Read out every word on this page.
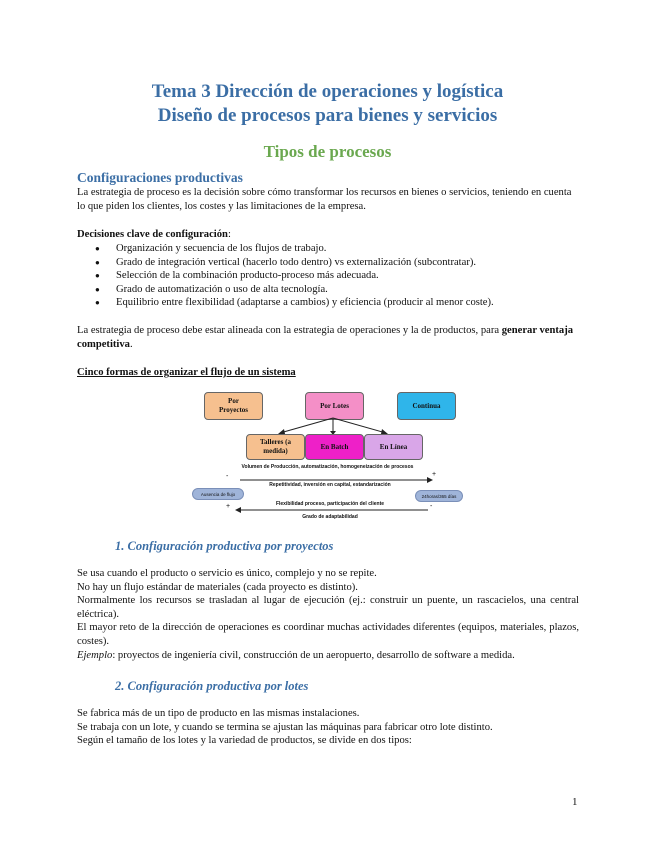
Tema 3 Dirección de operaciones y logística
Diseño de procesos para bienes y servicios
Tipos de procesos
Configuraciones productivas
La estrategia de proceso es la decisión sobre cómo transformar los recursos en bienes o servicios, teniendo en cuenta lo que piden los clientes, los costes y las limitaciones de la empresa.
Decisiones clave de configuración:
● Organización y secuencia de los flujos de trabajo.
● Grado de integración vertical (hacerlo todo dentro) vs externalización (subcontratar).
● Selección de la combinación producto-proceso más adecuada.
● Grado de automatización o uso de alta tecnología.
● Equilibrio entre flexibilidad (adaptarse a cambios) y eficiencia (producir al menor coste).
La estrategia de proceso debe estar alineada con la estrategia de operaciones y la de productos, para generar ventaja competitiva.
Cinco formas de organizar el flujo de un sistema
Por Proyectos
Por Lotes	Continua
Talleres (a medida)
En Batch	En Línea
Volumen de Producción, automatización, homogeneización de procesos
-	+
Repetitividad, inversión en capital, estandarización
Ausencia de flujo	24horas/365 días
Flexibilidad proceso, participación del cliente
+	-
Grado de adaptabilidad
1. Configuración productiva por proyectos

Se usa cuando el producto o servicio es único, complejo y no se repite.

No hay un flujo estándar de materiales (cada proyecto es distinto).

Normalmente los recursos se trasladan al lugar de ejecución (ej.: construir un puente, un rascacielos, una central eléctrica).

El mayor reto de la dirección de operaciones es coordinar muchas actividades diferentes (equipos, materiales, plazos, costes).

Ejemplo: proyectos de ingeniería civil, construcción de un aeropuerto, desarrollo de software a medida.

2. Configuración productiva por lotes

Se fabrica más de un tipo de producto en las mismas instalaciones.

Se trabaja con un lote, y cuando se termina se ajustan las máquinas para fabricar otro lote distinto.

Según el tamaño de los lotes y la variedad de productos, se divide en dos tipos:

1
